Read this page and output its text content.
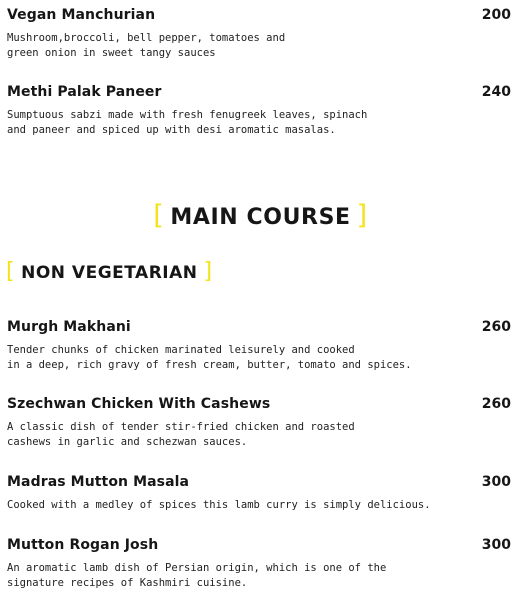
Vegan Manchurian	200
Mushroom,broccoli, bell pepper, tomatoes and
green onion in sweet tangy sauces
Methi Palak Paneer	240
Sumptuous sabzi made with fresh fenugreek leaves, spinach
and paneer and spiced up with desi aromatic masalas.
[ MAIN COURSE ]
[ NON VEGETARIAN ]
Murgh Makhani	260
Tender chunks of chicken marinated leisurely and cooked
in a deep, rich gravy of fresh cream, butter, tomato and spices.
Szechwan Chicken With Cashews	260
A classic dish of tender stir-fried chicken and roasted
cashews in garlic and schezwan sauces.
Madras Mutton Masala	300
Cooked with a medley of spices this lamb curry is simply delicious.
Mutton Rogan Josh	300
An aromatic lamb dish of Persian origin, which is one of the
signature recipes of Kashmiri cuisine.
